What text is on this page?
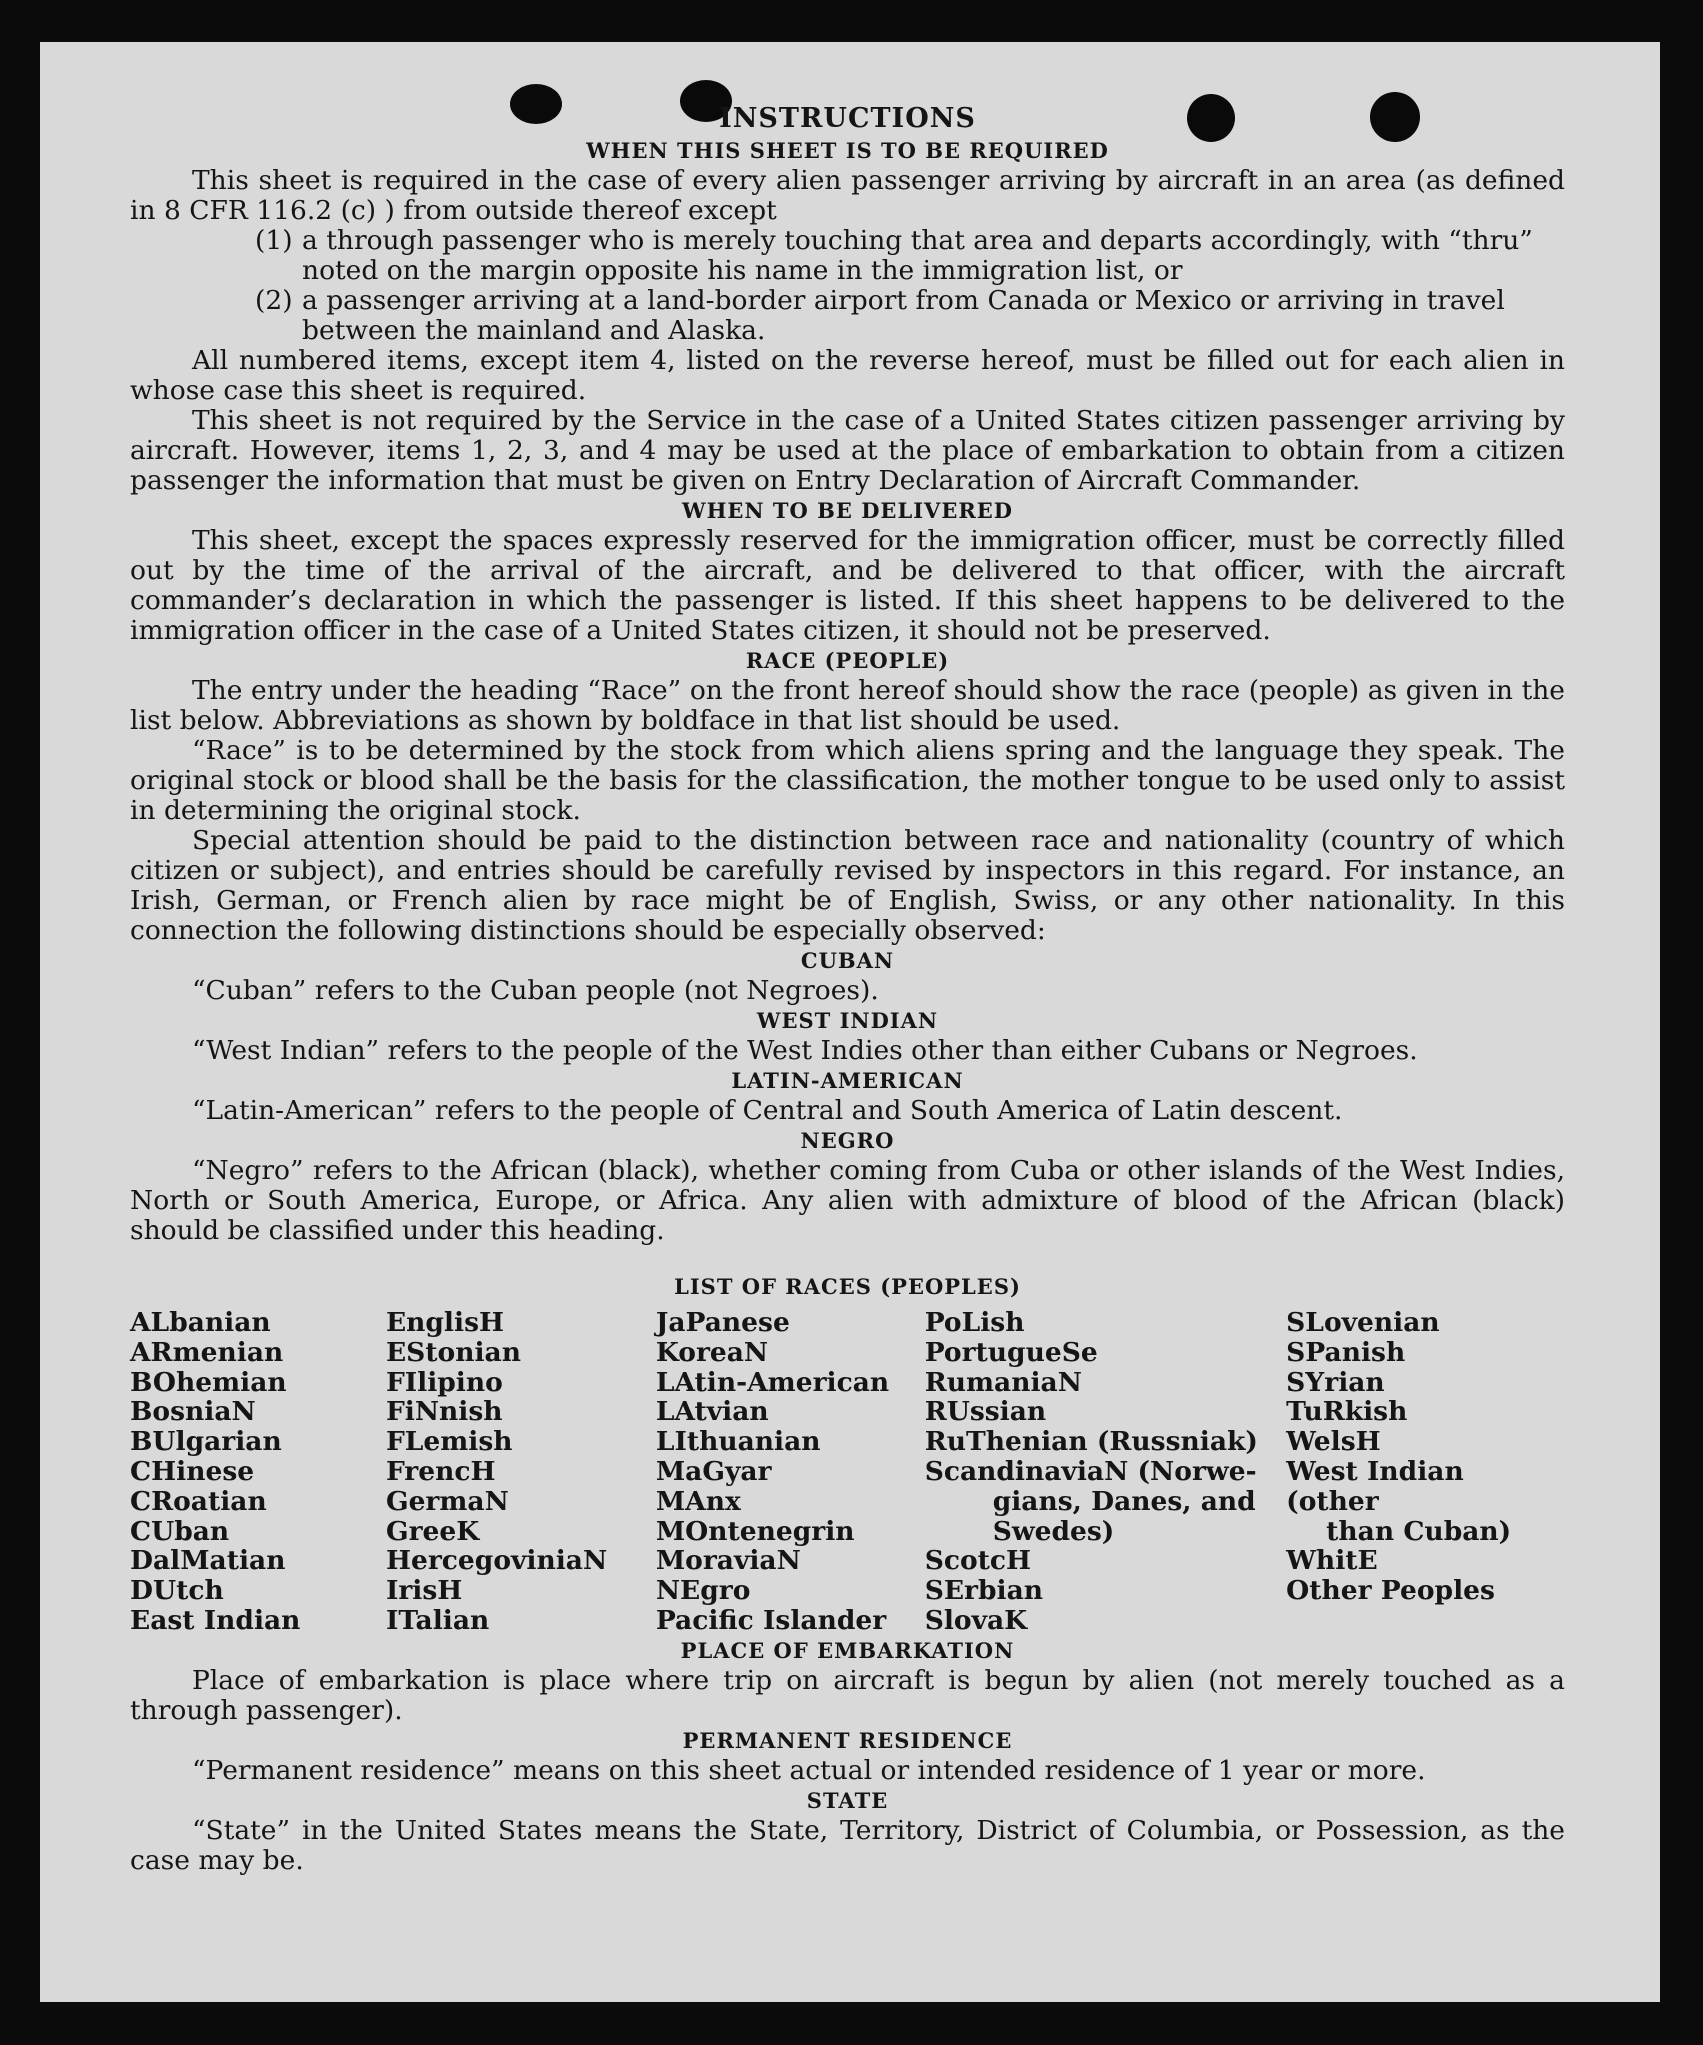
INSTRUCTIONS
WHEN THIS SHEET IS TO BE REQUIRED
This sheet is required in the case of every alien passenger arriving by aircraft in an area (as defined in 8 CFR 116.2 (c) ) from outside thereof except
(1) a through passenger who is merely touching that area and departs accordingly, with “thru” noted on the margin opposite his name in the immigration list, or
(2) a passenger arriving at a land-border airport from Canada or Mexico or arriving in travel between the mainland and Alaska.
All numbered items, except item 4, listed on the reverse hereof, must be filled out for each alien in whose case this sheet is required.
This sheet is not required by the Service in the case of a United States citizen passenger arriving by aircraft. However, items 1, 2, 3, and 4 may be used at the place of embarkation to obtain from a citizen passenger the information that must be given on Entry Declaration of Aircraft Commander.
WHEN TO BE DELIVERED
This sheet, except the spaces expressly reserved for the immigration officer, must be correctly filled out by the time of the arrival of the aircraft, and be delivered to that officer, with the aircraft commander’s declaration in which the passenger is listed. If this sheet happens to be delivered to the immigration officer in the case of a United States citizen, it should not be preserved.
RACE (PEOPLE)
The entry under the heading “Race” on the front hereof should show the race (people) as given in the list below. Abbreviations as shown by boldface in that list should be used.
“Race” is to be determined by the stock from which aliens spring and the language they speak. The original stock or blood shall be the basis for the classification, the mother tongue to be used only to assist in determining the original stock.
Special attention should be paid to the distinction between race and nationality (country of which citizen or subject), and entries should be carefully revised by inspectors in this regard. For instance, an Irish, German, or French alien by race might be of English, Swiss, or any other nationality. In this connection the following distinctions should be especially observed:
CUBAN
“Cuban” refers to the Cuban people (not Negroes).
WEST INDIAN
“West Indian” refers to the people of the West Indies other than either Cubans or Negroes.
LATIN-AMERICAN
“Latin-American” refers to the people of Central and South America of Latin descent.
NEGRO
“Negro” refers to the African (black), whether coming from Cuba or other islands of the West Indies, North or South America, Europe, or Africa. Any alien with admixture of blood of the African (black) should be classified under this heading.
LIST OF RACES (PEOPLES)
ALbanian
ARmenian
BOhemian
BosniaN
BUlgarian
CHinese
CRoatian
CUban
DalMatian
DUtch
East Indian
EnglisH
EStonian
FIlipino
FiNnish
FLemish
FrencH
GermaN
GreeK
HercegoviniaN
IrisH
ITalian
JaPanese
KoreaN
LAtin-American
LAtvian
LIthuanian
MaGyar
MAnx
MOntenegrin
MoraviaN
NEgro
Pacific Islander
PoLish
PortugueSe
RumaniaN
RUssian
RuThenian (Russniak)
ScandinaviaN (Norwe-
gians, Danes, and
Swedes)
ScotcH
SErbian
SlovaK
SLovenian
SPanish
SYrian
TuRkish
WelsH
West Indian (other
than Cuban)
WhitE
Other Peoples
PLACE OF EMBARKATION
Place of embarkation is place where trip on aircraft is begun by alien (not merely touched as a through passenger).
PERMANENT RESIDENCE
“Permanent residence” means on this sheet actual or intended residence of 1 year or more.
STATE
“State” in the United States means the State, Territory, District of Columbia, or Possession, as the case may be.
